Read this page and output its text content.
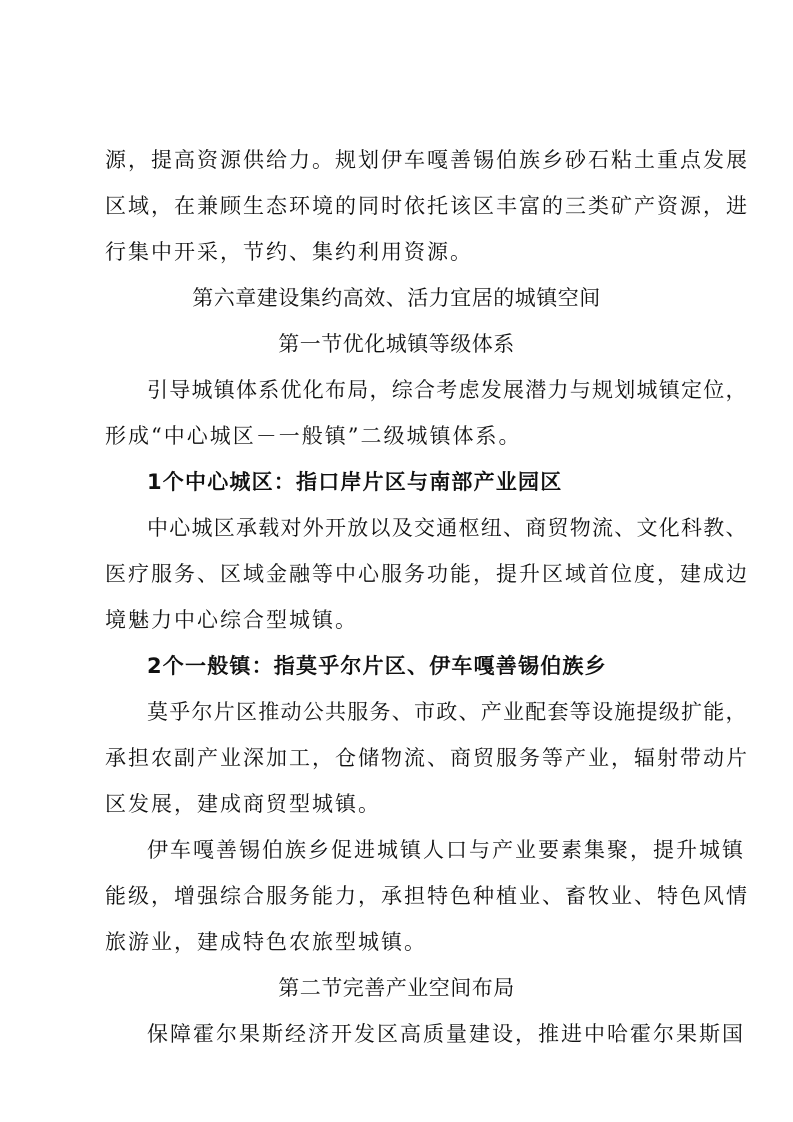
源，提高资源供给力。规划伊车嘎善锡伯族乡砂石粘土重点发展
区域，在兼顾生态环境的同时依托该区丰富的三类矿产资源，进
行集中开采，节约、集约利用资源。
第六章建设集约高效、活力宜居的城镇空间
第一节优化城镇等级体系
引导城镇体系优化布局，综合考虑发展潜力与规划城镇定位，
形成“中心城区－一般镇”二级城镇体系。
1个中心城区：指口岸片区与南部产业园区
中心城区承载对外开放以及交通枢纽、商贸物流、文化科教、
医疗服务、区域金融等中心服务功能，提升区域首位度，建成边
境魅力中心综合型城镇。
2个一般镇：指莫乎尔片区、伊车嘎善锡伯族乡
莫乎尔片区推动公共服务、市政、产业配套等设施提级扩能，
承担农副产业深加工，仓储物流、商贸服务等产业，辐射带动片
区发展，建成商贸型城镇。
伊车嘎善锡伯族乡促进城镇人口与产业要素集聚，提升城镇
能级，增强综合服务能力，承担特色种植业、畜牧业、特色风情
旅游业，建成特色农旅型城镇。
第二节完善产业空间布局
保障霍尔果斯经济开发区高质量建设，推进中哈霍尔果斯国
